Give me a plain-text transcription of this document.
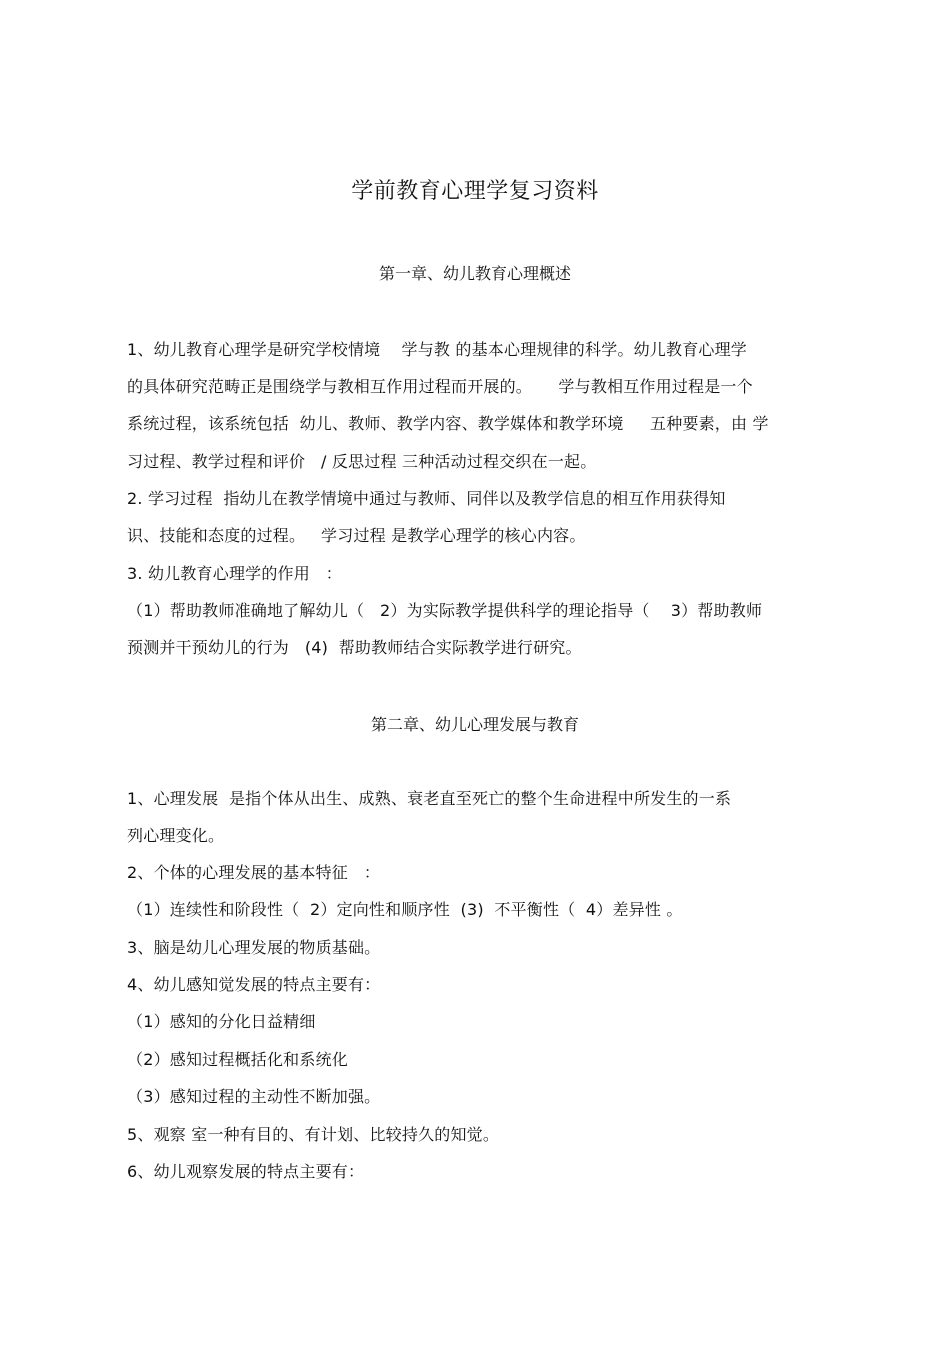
学前教育心理学复习资料
第一章、幼儿教育心理概述
1、幼儿教育心理学是研究学校情境    学与教 的基本心理规律的科学。幼儿教育心理学
的具体研究范畴正是围绕学与教相互作用过程而开展的。     学与教相互作用过程是一个
系统过程，该系统包括  幼儿、教师、教学内容、教学媒体和教学环境     五种要素，由 学
习过程、教学过程和评价   / 反思过程 三种活动过程交织在一起。
2. 学习过程  指幼儿在教学情境中通过与教师、同伴以及教学信息的相互作用获得知
识、技能和态度的过程。   学习过程 是教学心理学的核心内容。
3. 幼儿教育心理学的作用   ：
（1）帮助教师准确地了解幼儿（   2）为实际教学提供科学的理论指导（    3）帮助教师
预测并干预幼儿的行为   (4)  帮助教师结合实际教学进行研究。
第二章、幼儿心理发展与教育
1、心理发展  是指个体从出生、成熟、衰老直至死亡的整个生命进程中所发生的一系
列心理变化。
2、个体的心理发展的基本特征   ：
（1）连续性和阶段性（  2）定向性和顺序性  (3)  不平衡性（  4）差异性 。
3、脑是幼儿心理发展的物质基础。
4、幼儿感知觉发展的特点主要有：
（1）感知的分化日益精细
（2）感知过程概括化和系统化
（3）感知过程的主动性不断加强。
5、观察 室一种有目的、有计划、比较持久的知觉。
6、幼儿观察发展的特点主要有：
